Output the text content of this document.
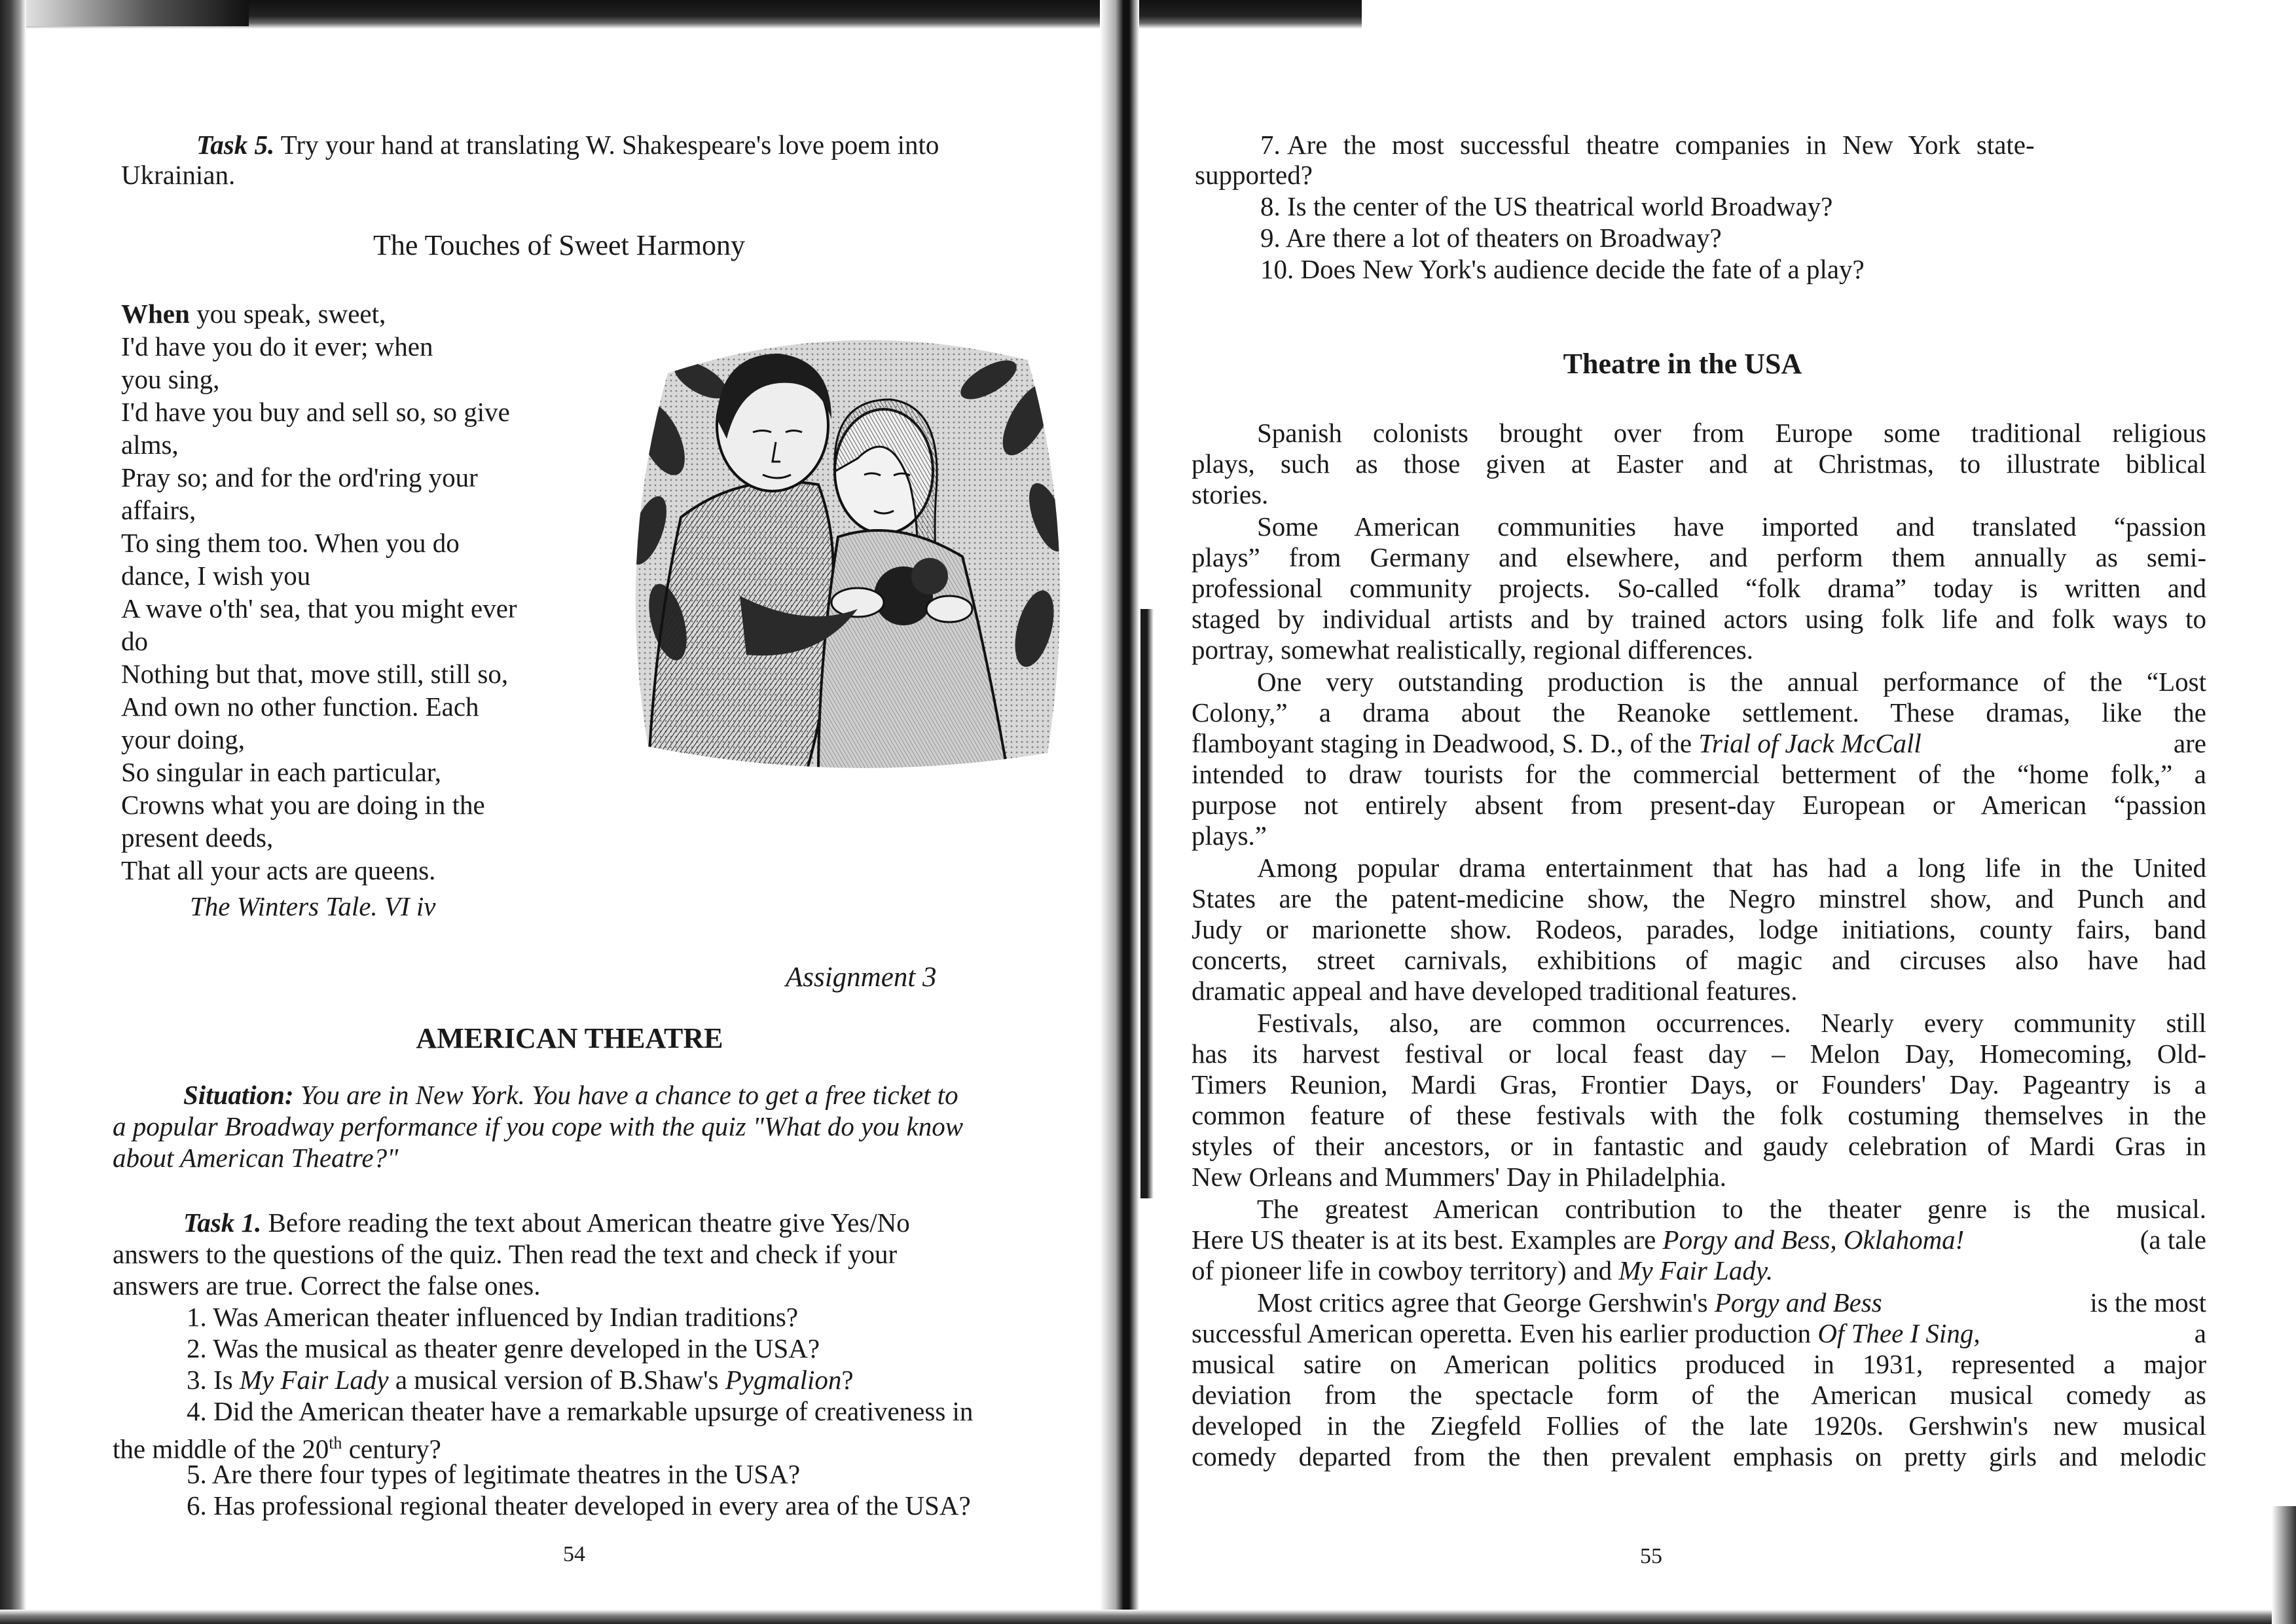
Task 5. Try your hand at translating W. Shakespeare's love poem into
Ukrainian.
The Touches of Sweet Harmony
When you speak, sweet,
I'd have you do it ever; when
you sing,
I'd have you buy and sell so, so give
alms,
Pray so; and for the ord'ring your
affairs,
To sing them too. When you do
dance, I wish you
A wave o'th' sea, that you might ever
do
Nothing but that, move still, still so,
And own no other function. Each
your doing,
So singular in each particular,
Crowns what you are doing in the
present deeds,
That all your acts are queens.
The Winters Tale. VI iv
Assignment 3
AMERICAN THEATRE
Situation: You are in New York. You have a chance to get a free ticket to
a popular Broadway performance if you cope with the quiz "What do you know
about American Theatre?"
Task 1. Before reading the text about American theatre give Yes/No
answers to the questions of the quiz. Then read the text and check if your
answers are true. Correct the false ones.
1. Was American theater influenced by Indian traditions?
2. Was the musical as theater genre developed in the USA?
3. Is My Fair Lady a musical version of B.Shaw's Pygmalion?
4. Did the American theater have a remarkable upsurge of creativeness in
the middle of the 20th century?
5. Are there four types of legitimate theatres in the USA?
6. Has professional regional theater developed in every area of the USA?
54
7. Are the most successful theatre companies in New York state-
supported?
8. Is the center of the US theatrical world Broadway?
9. Are there a lot of theaters on Broadway?
10. Does New York's audience decide the fate of a play?
Theatre in the USA
Spanish colonists brought over from Europe some traditional religious
plays, such as those given at Easter and at Christmas, to illustrate biblical
stories.
Some American communities have imported and translated “passion
plays” from Germany and elsewhere, and perform them annually as semi-
professional community projects. So-called “folk drama” today is written and
staged by individual artists and by trained actors using folk life and folk ways to
portray, somewhat realistically, regional differences.
One very outstanding production is the annual performance of the “Lost
Colony,” a drama about the Reanoke settlement. These dramas, like the
flamboyant staging in Deadwood, S. D., of the Trial of Jack McCall	are
intended to draw tourists for the commercial betterment of the “home folk,” a
purpose not entirely absent from present-day European or American “passion
plays.”
Among popular drama entertainment that has had a long life in the United
States are the patent-medicine show, the Negro minstrel show, and Punch and
Judy or marionette show. Rodeos, parades, lodge initiations, county fairs, band
concerts, street carnivals, exhibitions of magic and circuses also have had
dramatic appeal and have developed traditional features.
Festivals, also, are common occurrences. Nearly every community still
has its harvest festival or local feast day – Melon Day, Homecoming, Old-
Timers Reunion, Mardi Gras, Frontier Days, or Founders' Day. Pageantry is a
common feature of these festivals with the folk costuming themselves in the
styles of their ancestors, or in fantastic and gaudy celebration of Mardi Gras in
New Orleans and Mummers' Day in Philadelphia.
The greatest American contribution to the theater genre is the musical.
Here US theater is at its best. Examples are Porgy and Bess, Oklahoma!	(a tale
of pioneer life in cowboy territory) and My Fair Lady.
Most critics agree that George Gershwin's Porgy and Bess	is the most
successful American operetta. Even his earlier production Of Thee I Sing,	a
musical satire on American politics produced in 1931, represented a major
deviation from the spectacle form of the American musical comedy as
developed in the Ziegfeld Follies of the late 1920s. Gershwin's new musical
comedy departed from the then prevalent emphasis on pretty girls and melodic
55
